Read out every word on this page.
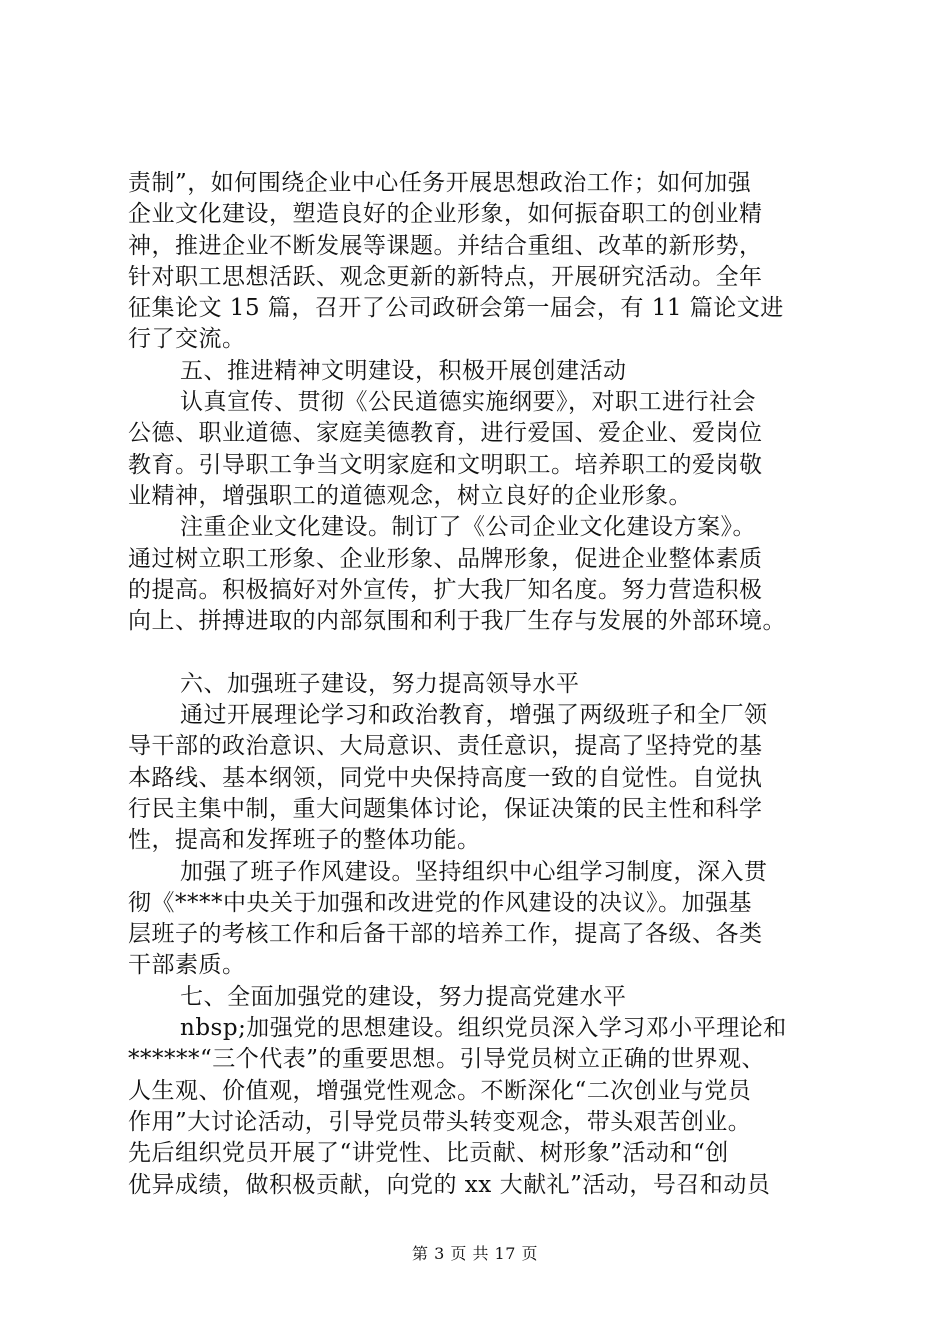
责制”，如何围绕企业中心任务开展思想政治工作；如何加强
企业文化建设，塑造良好的企业形象，如何振奋职工的创业精
神，推进企业不断发展等课题。并结合重组、改革的新形势，
针对职工思想活跃、观念更新的新特点，开展研究活动。全年
征集论文 15 篇，召开了公司政研会第一届会，有 11 篇论文进
行了交流。
五、推进精神文明建设，积极开展创建活动
认真宣传、贯彻《公民道德实施纲要》，对职工进行社会
公德、职业道德、家庭美德教育，进行爱国、爱企业、爱岗位
教育。引导职工争当文明家庭和文明职工。培养职工的爱岗敬
业精神，增强职工的道德观念，树立良好的企业形象。
注重企业文化建设。制订了《公司企业文化建设方案》。
通过树立职工形象、企业形象、品牌形象，促进企业整体素质
的提高。积极搞好对外宣传，扩大我厂知名度。努力营造积极
向上、拼搏进取的内部氛围和利于我厂生存与发展的外部环境。
六、加强班子建设，努力提高领导水平
通过开展理论学习和政治教育，增强了两级班子和全厂领
导干部的政治意识、大局意识、责任意识，提高了坚持党的基
本路线、基本纲领，同党中央保持高度一致的自觉性。自觉执
行民主集中制，重大问题集体讨论，保证决策的民主性和科学
性，提高和发挥班子的整体功能。
加强了班子作风建设。坚持组织中心组学习制度，深入贯
彻《****中央关于加强和改进党的作风建设的决议》。加强基
层班子的考核工作和后备干部的培养工作，提高了各级、各类
干部素质。
七、全面加强党的建设，努力提高党建水平
nbsp;加强党的思想建设。组织党员深入学习邓小平理论和
******“三个代表”的重要思想。引导党员树立正确的世界观、
人生观、价值观，增强党性观念。不断深化“二次创业与党员
作用”大讨论活动，引导党员带头转变观念，带头艰苦创业。
先后组织党员开展了“讲党性、比贡献、树形象”活动和“创
优异成绩，做积极贡献，向党的 xx 大献礼”活动，号召和动员
第 3 页 共 17 页
